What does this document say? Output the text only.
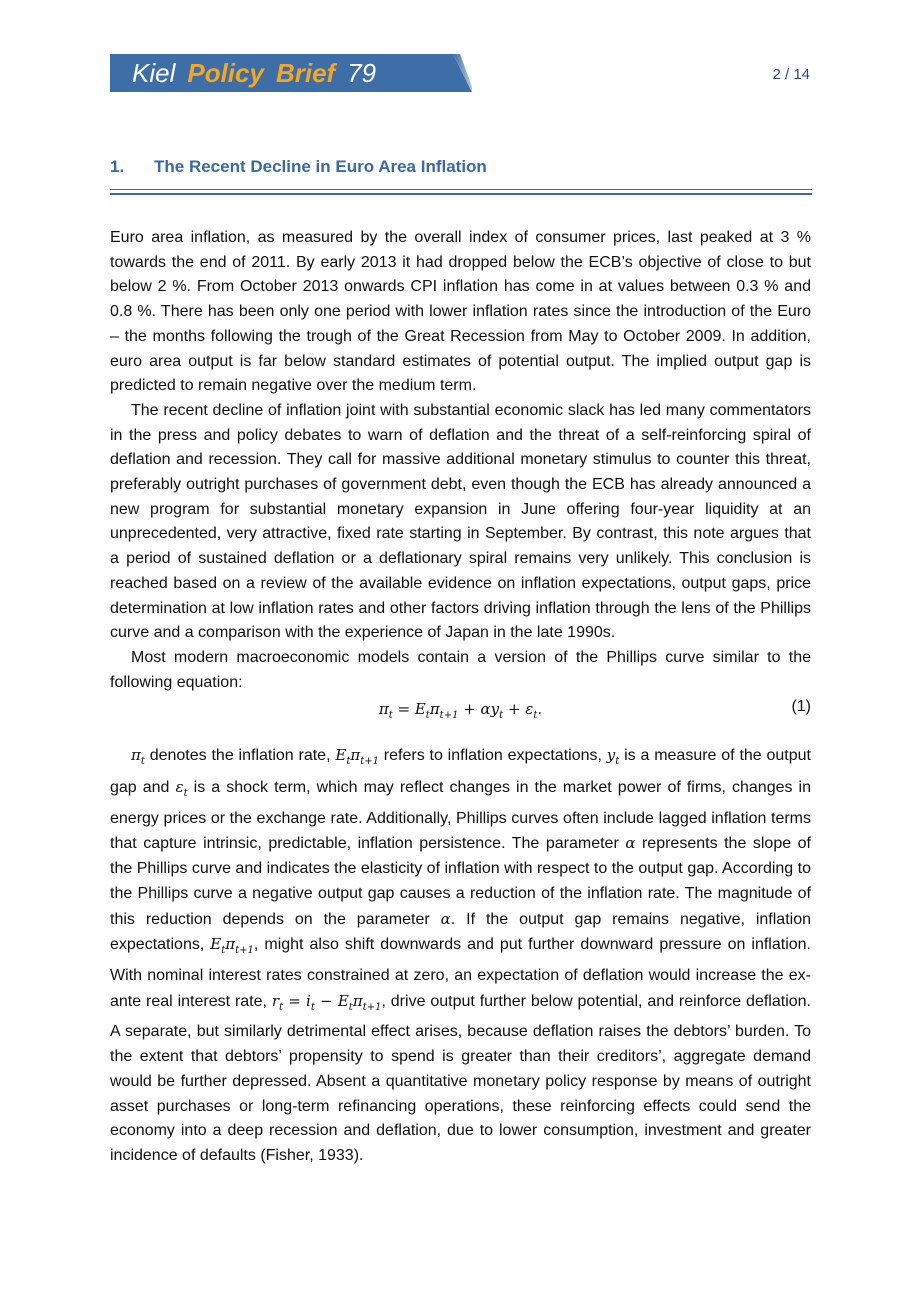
Kiel Policy Brief 79	2 / 14
1. The Recent Decline in Euro Area Inflation

Euro area inflation, as measured by the overall index of consumer prices, last peaked at 3 % towards the end of 2011. By early 2013 it had dropped below the ECB’s objective of close to but below 2 %. From October 2013 onwards CPI inflation has come in at values between 0.3 % and 0.8 %. There has been only one period with lower inflation rates since the introduction of the Euro – the months following the trough of the Great Recession from May to October 2009. In addition, euro area output is far below standard estimates of potential output. The implied output gap is predicted to remain negative over the medium term.

The recent decline of inflation joint with substantial economic slack has led many commentators in the press and policy debates to warn of deflation and the threat of a self-reinforcing spiral of deflation and recession. They call for massive additional monetary stimulus to counter this threat, preferably outright purchases of government debt, even though the ECB has already announced a new program for substantial monetary expansion in June offering four-year liquidity at an unprecedented, very attractive, fixed rate starting in September. By contrast, this note argues that a period of sustained deflation or a deflationary spiral remains very unlikely. This conclusion is reached based on a review of the available evidence on inflation expectations, output gaps, price determination at low inflation rates and other factors driving inflation through the lens of the Phillips curve and a comparison with the experience of Japan in the late 1990s.

Most modern macroeconomic models contain a version of the Phillips curve similar to the following equation:

$\pi_t = E_t\pi_{t+1} + \alpha y_t + \varepsilon_t$.	(1)

$\pi_t$ denotes the inflation rate, $E_t\pi_{t+1}$ refers to inflation expectations, $y_t$ is a measure of the output gap and $\varepsilon_t$ is a shock term, which may reflect changes in the market power of firms, changes in energy prices or the exchange rate. Additionally, Phillips curves often include lagged inflation terms that capture intrinsic, predictable, inflation persistence. The parameter α represents the slope of the Phillips curve and indicates the elasticity of inflation with respect to the output gap. According to the Phillips curve a negative output gap causes a reduction of the inflation rate. The magnitude of this reduction depends on the parameter α. If the output gap remains negative, inflation expectations, $E_t\pi_{t+1}$, might also shift downwards and put further downward pressure on inflation. With nominal interest rates constrained at zero, an expectation of deflation would increase the ex-ante real interest rate, $r_t = i_t - E_t\pi_{t+1}$, drive output further below potential, and reinforce deflation. A separate, but similarly detrimental effect arises, because deflation raises the debtors’ burden. To the extent that debtors’ propensity to spend is greater than their creditors’, aggregate demand would be further depressed. Absent a quantitative monetary policy response by means of outright asset purchases or long-term refinancing operations, these reinforcing effects could send the economy into a deep recession and deflation, due to lower consumption, investment and greater incidence of defaults (Fisher, 1933).
